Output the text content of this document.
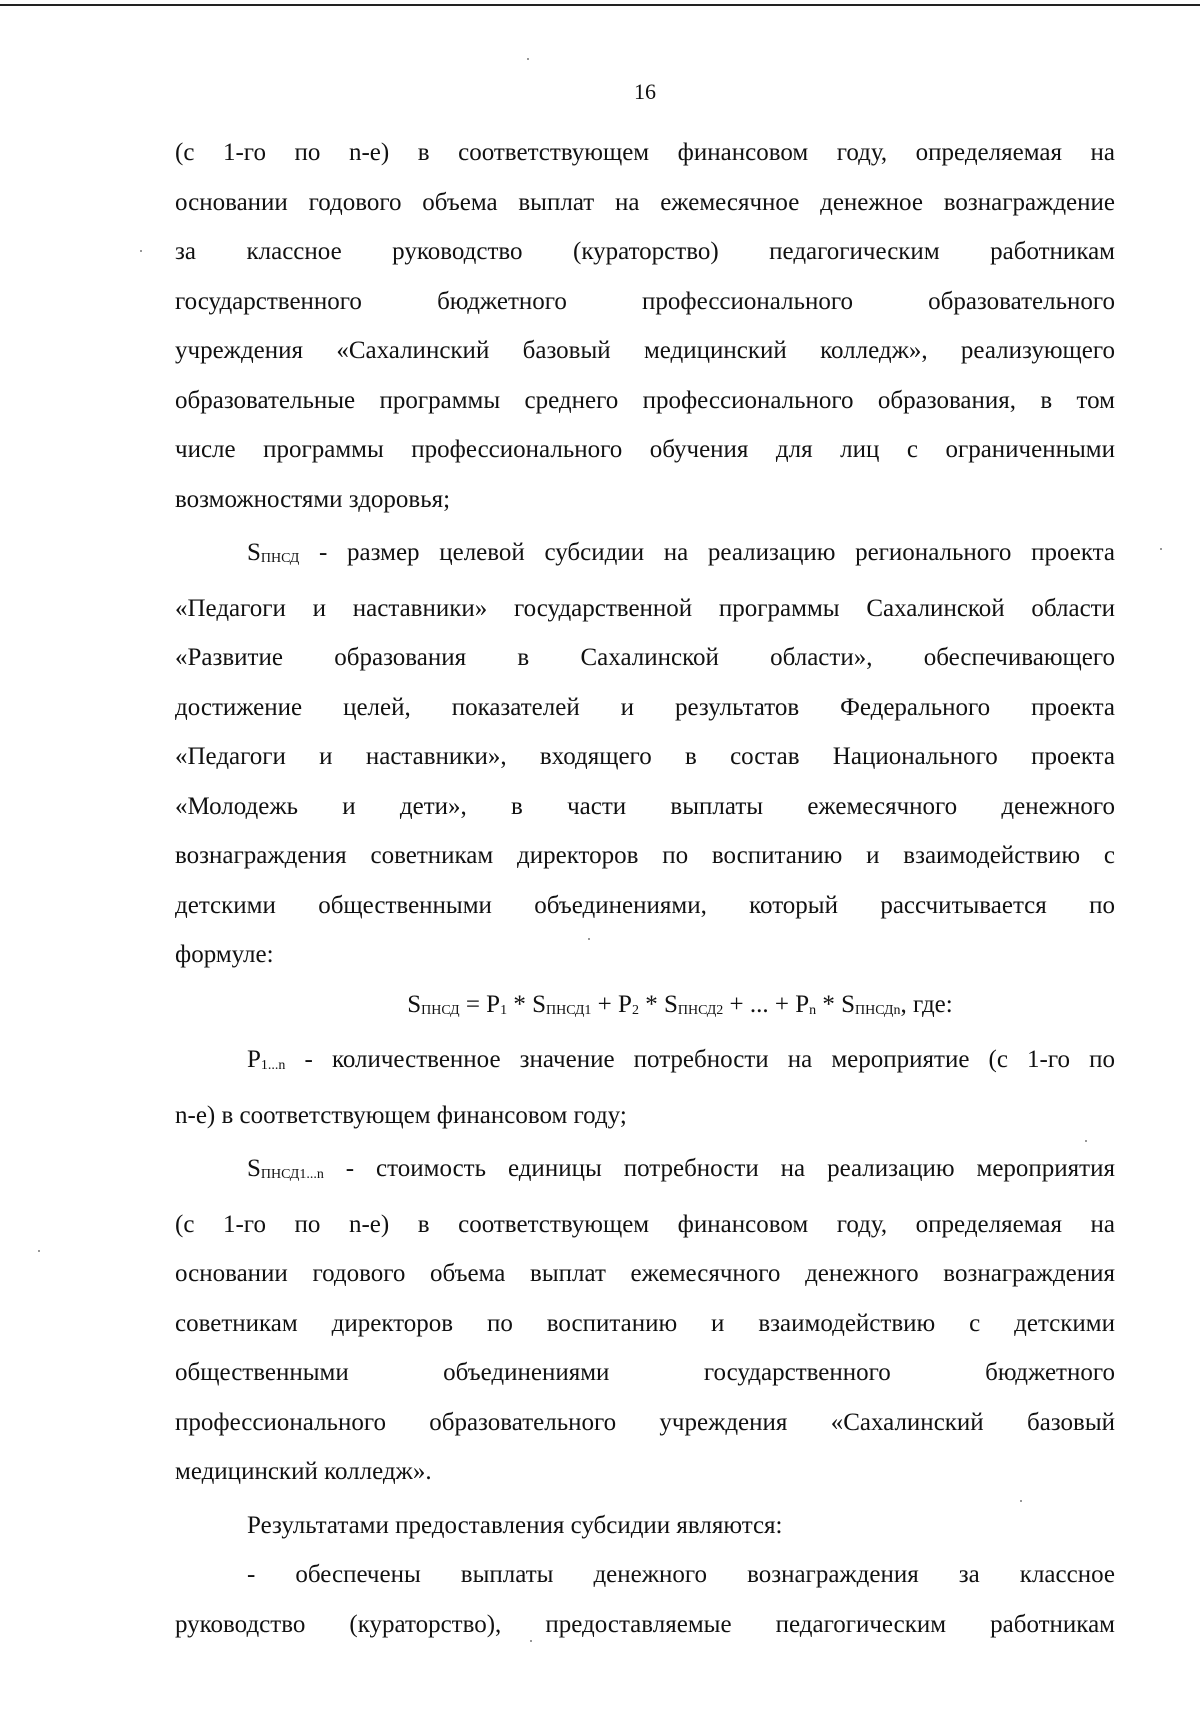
16

(с 1-го по n-е) в соответствующем финансовом году, определяемая на

основании годового объема выплат на ежемесячное денежное вознаграждение

за классное руководство (кураторство) педагогическим работникам

государственного бюджетного профессионального образовательного

учреждения «Сахалинский базовый медицинский колледж», реализующего

образовательные программы среднего профессионального образования, в том

числе программы профессионального обучения для лиц с ограниченными

возможностями здоровья;

SПНСД - размер целевой субсидии на реализацию регионального проекта

«Педагоги и наставники» государственной программы Сахалинской области

«Развитие образования в Сахалинской области», обеспечивающего

достижение целей, показателей и результатов Федерального проекта

«Педагоги и наставники», входящего в состав Национального проекта

«Молодежь и дети», в части выплаты ежемесячного денежного

вознаграждения советникам директоров по воспитанию и взаимодействию с

детскими общественными объединениями, который рассчитывается по

формуле:

SПНСД = P1 * SПНСД1 + P2 * SПНСД2 + ... + Pn * SПНСДn, где:

P1...n - количественное значение потребности на мероприятие (с 1-го по

n-е) в соответствующем финансовом году;

SПНСД1...n - стоимость единицы потребности на реализацию мероприятия

(с 1-го по n-е) в соответствующем финансовом году, определяемая на

основании годового объема выплат ежемесячного денежного вознаграждения

советникам директоров по воспитанию и взаимодействию с детскими

общественными объединениями государственного бюджетного

профессионального образовательного учреждения «Сахалинский базовый

медицинский колледж».

Результатами предоставления субсидии являются:

- обеспечены выплаты денежного вознаграждения за классное

руководство (кураторство), предоставляемые педагогическим работникам
